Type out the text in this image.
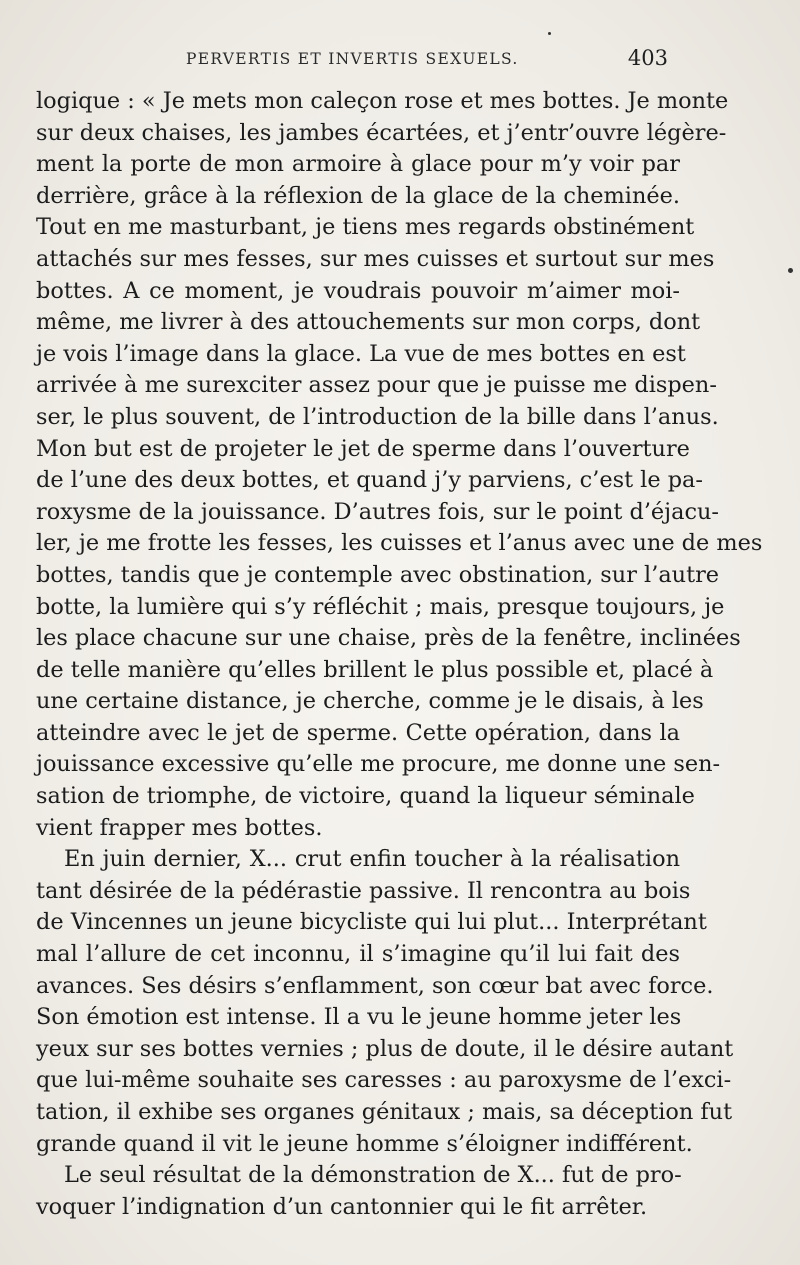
PERVERTIS ET INVERTIS SEXUELS.	403
logique : « Je mets mon caleçon rose et mes bottes. Je monte
sur deux chaises, les jambes écartées, et j’entr’ouvre légère-
ment la porte de mon armoire à glace pour m’y voir par
derrière, grâce à la réflexion de la glace de la cheminée.
Tout en me masturbant, je tiens mes regards obstinément
attachés sur mes fesses, sur mes cuisses et surtout sur mes
bottes. A ce moment, je voudrais pouvoir m’aimer moi-
même, me livrer à des attouchements sur mon corps, dont
je vois l’image dans la glace. La vue de mes bottes en est
arrivée à me surexciter assez pour que je puisse me dispen-
ser, le plus souvent, de l’introduction de la bille dans l’anus.
Mon but est de projeter le jet de sperme dans l’ouverture
de l’une des deux bottes, et quand j’y parviens, c’est le pa-
roxysme de la jouissance. D’autres fois, sur le point d’éjacu-
ler, je me frotte les fesses, les cuisses et l’anus avec une de mes
bottes, tandis que je contemple avec obstination, sur l’autre
botte, la lumière qui s’y réfléchit ; mais, presque toujours, je
les place chacune sur une chaise, près de la fenêtre, inclinées
de telle manière qu’elles brillent le plus possible et, placé à
une certaine distance, je cherche, comme je le disais, à les
atteindre avec le jet de sperme. Cette opération, dans la
jouissance excessive qu’elle me procure, me donne une sen-
sation de triomphe, de victoire, quand la liqueur séminale
vient frapper mes bottes.
En juin dernier, X... crut enfin toucher à la réalisation
tant désirée de la pédérastie passive. Il rencontra au bois
de Vincennes un jeune bicycliste qui lui plut... Interprétant
mal l’allure de cet inconnu, il s’imagine qu’il lui fait des
avances. Ses désirs s’enflamment, son cœur bat avec force.
Son émotion est intense. Il a vu le jeune homme jeter les
yeux sur ses bottes vernies ; plus de doute, il le désire autant
que lui-même souhaite ses caresses : au paroxysme de l’exci-
tation, il exhibe ses organes génitaux ; mais, sa déception fut
grande quand il vit le jeune homme s’éloigner indifférent.
Le seul résultat de la démonstration de X... fut de pro-
voquer l’indignation d’un cantonnier qui le fit arrêter.
